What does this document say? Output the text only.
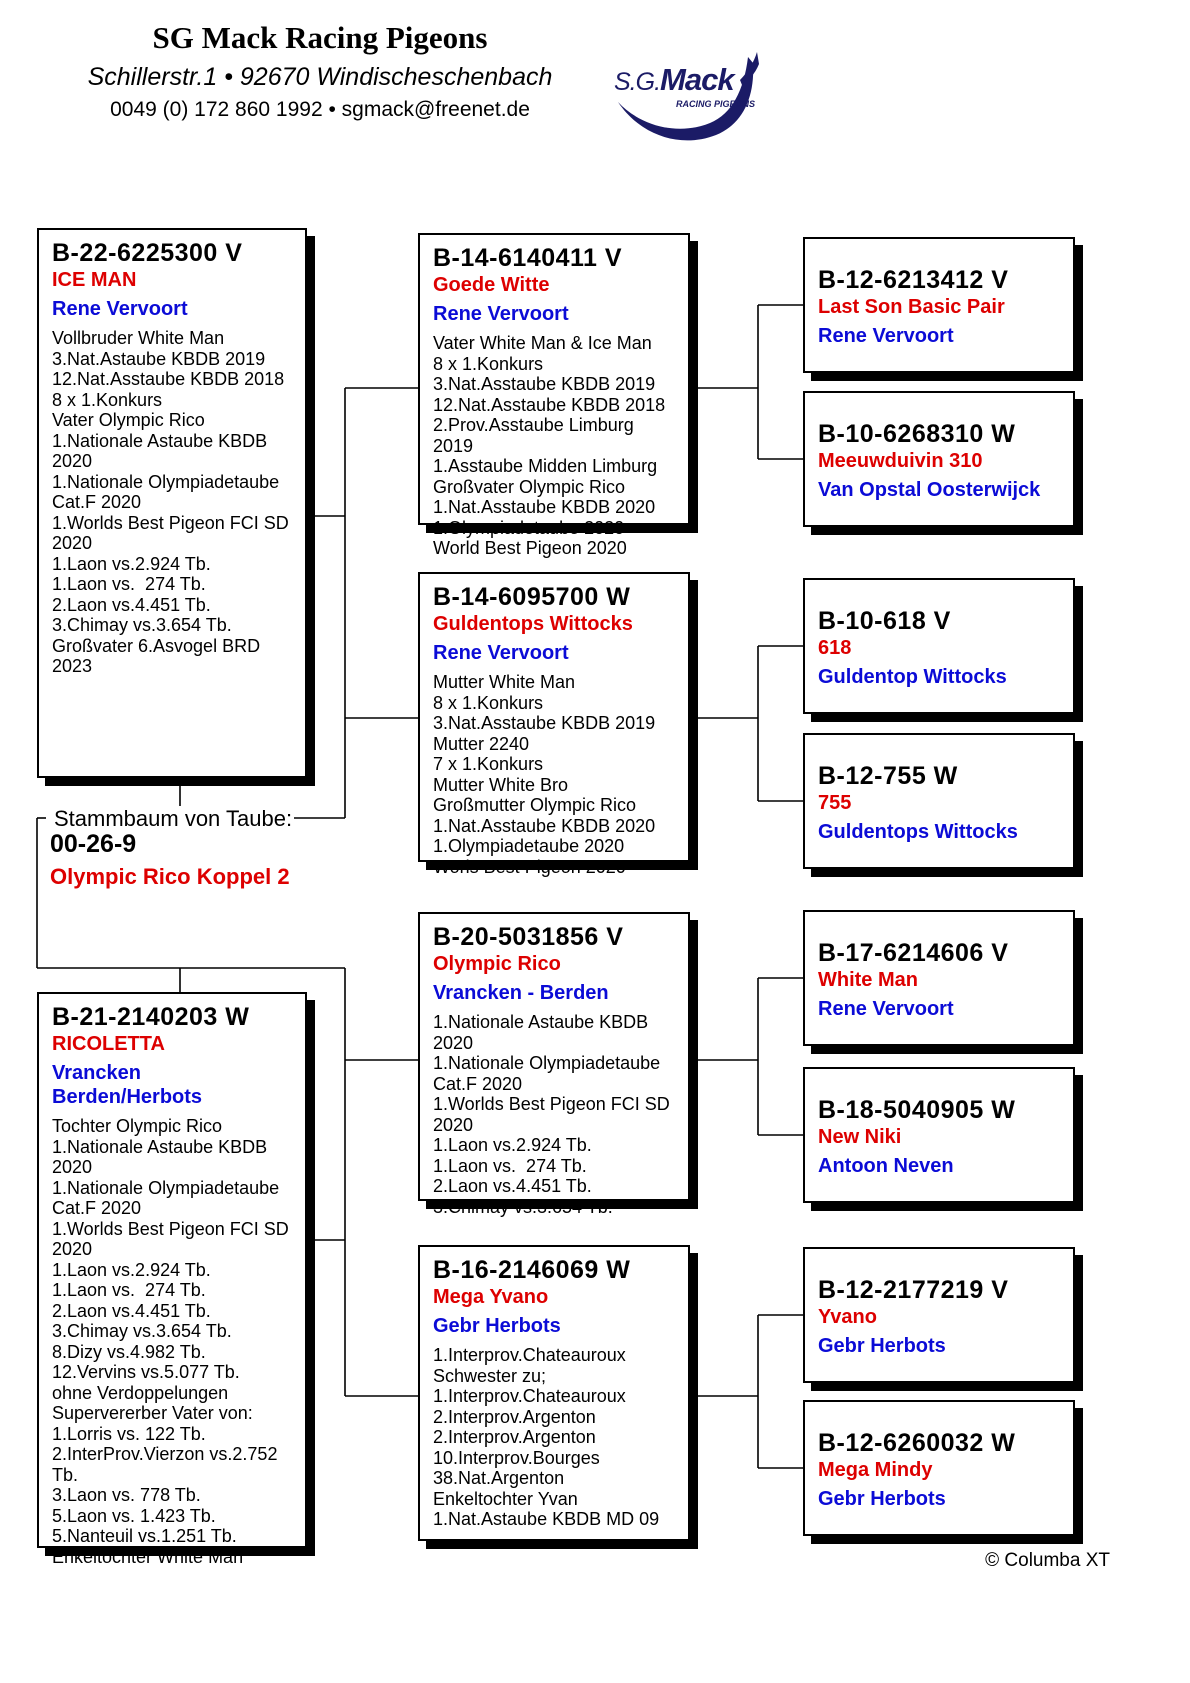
SG Mack Racing Pigeons
Schillerstr.1 • 92670 Windischeschenbach
0049 (0) 172 860 1992 • sgmack@freenet.de
S.G.Mack
RACING PIGEONS
Stammbaum von Taube:
00-26-9
Olympic Rico Koppel 2
B-22-6225300 V
ICE MAN
Rene Vervoort
Vollbruder White Man
3.Nat.Astaube KBDB 2019
12.Nat.Asstaube KBDB 2018
8 x 1.Konkurs
Vater Olympic Rico
1.Nationale Astaube KBDB 2020
1.Nationale Olympiadetaube Cat.F 2020
1.Worlds Best Pigeon FCI SD 2020
1.Laon vs.2.924 Tb.
1.Laon vs.  274 Tb.
2.Laon vs.4.451 Tb.
3.Chimay vs.3.654 Tb.
Großvater 6.Asvogel BRD 2023
B-21-2140203 W
RICOLETTA
Vrancken Berden/Herbots
Tochter Olympic Rico
1.Nationale Astaube KBDB 2020
1.Nationale Olympiadetaube Cat.F 2020
1.Worlds Best Pigeon FCI SD 2020
1.Laon vs.2.924 Tb.
1.Laon vs.  274 Tb.
2.Laon vs.4.451 Tb.
3.Chimay vs.3.654 Tb.
8.Dizy vs.4.982 Tb.
12.Vervins vs.5.077 Tb.
ohne Verdoppelungen
Supervererber Vater von:
1.Lorris vs. 122 Tb.
2.InterProv.Vierzon vs.2.752 Tb.
3.Laon vs. 778 Tb.
5.Laon vs. 1.423 Tb.
5.Nanteuil vs.1.251 Tb.
Enkeltochter White Man
B-14-6140411 V
Goede Witte
Rene Vervoort
Vater White Man & Ice Man
8 x 1.Konkurs
3.Nat.Asstaube KBDB 2019
12.Nat.Asstaube KBDB 2018
2.Prov.Asstaube Limburg 2019
1.Asstaube Midden Limburg
Großvater Olympic Rico
1.Nat.Asstaube KBDB 2020
1.Olympiadetaube 2020
World Best Pigeon 2020
B-14-6095700 W
Guldentops Wittocks
Rene Vervoort
Mutter White Man
8 x 1.Konkurs
3.Nat.Asstaube KBDB 2019
Mutter 2240
7 x 1.Konkurs
Mutter White Bro
Großmutter Olympic Rico
1.Nat.Asstaube KBDB 2020
1.Olympiadetaube 2020
Worls Best Pigeon 2020
B-20-5031856 V
Olympic Rico
Vrancken - Berden
1.Nationale Astaube KBDB 2020
1.Nationale Olympiadetaube Cat.F 2020
1.Worlds Best Pigeon FCI SD 2020
1.Laon vs.2.924 Tb.
1.Laon vs.  274 Tb.
2.Laon vs.4.451 Tb.
3.Chimay vs.3.654 Tb.
B-16-2146069 W
Mega Yvano
Gebr Herbots
1.Interprov.Chateauroux
Schwester zu;
1.Interprov.Chateauroux
2.Interprov.Argenton
2.Interprov.Argenton
10.Interprov.Bourges
38.Nat.Argenton
Enkeltochter Yvan
1.Nat.Astaube KBDB MD 09
B-12-6213412 V
Last Son Basic Pair
Rene Vervoort
B-10-6268310 W
Meeuwduivin 310
Van Opstal Oosterwijck
B-10-618 V
618
Guldentop Wittocks
B-12-755 W
755
Guldentops Wittocks
B-17-6214606 V
White Man
Rene Vervoort
B-18-5040905 W
New Niki
Antoon Neven
B-12-2177219 V
Yvano
Gebr Herbots
B-12-6260032 W
Mega Mindy
Gebr Herbots
© Columba XT
